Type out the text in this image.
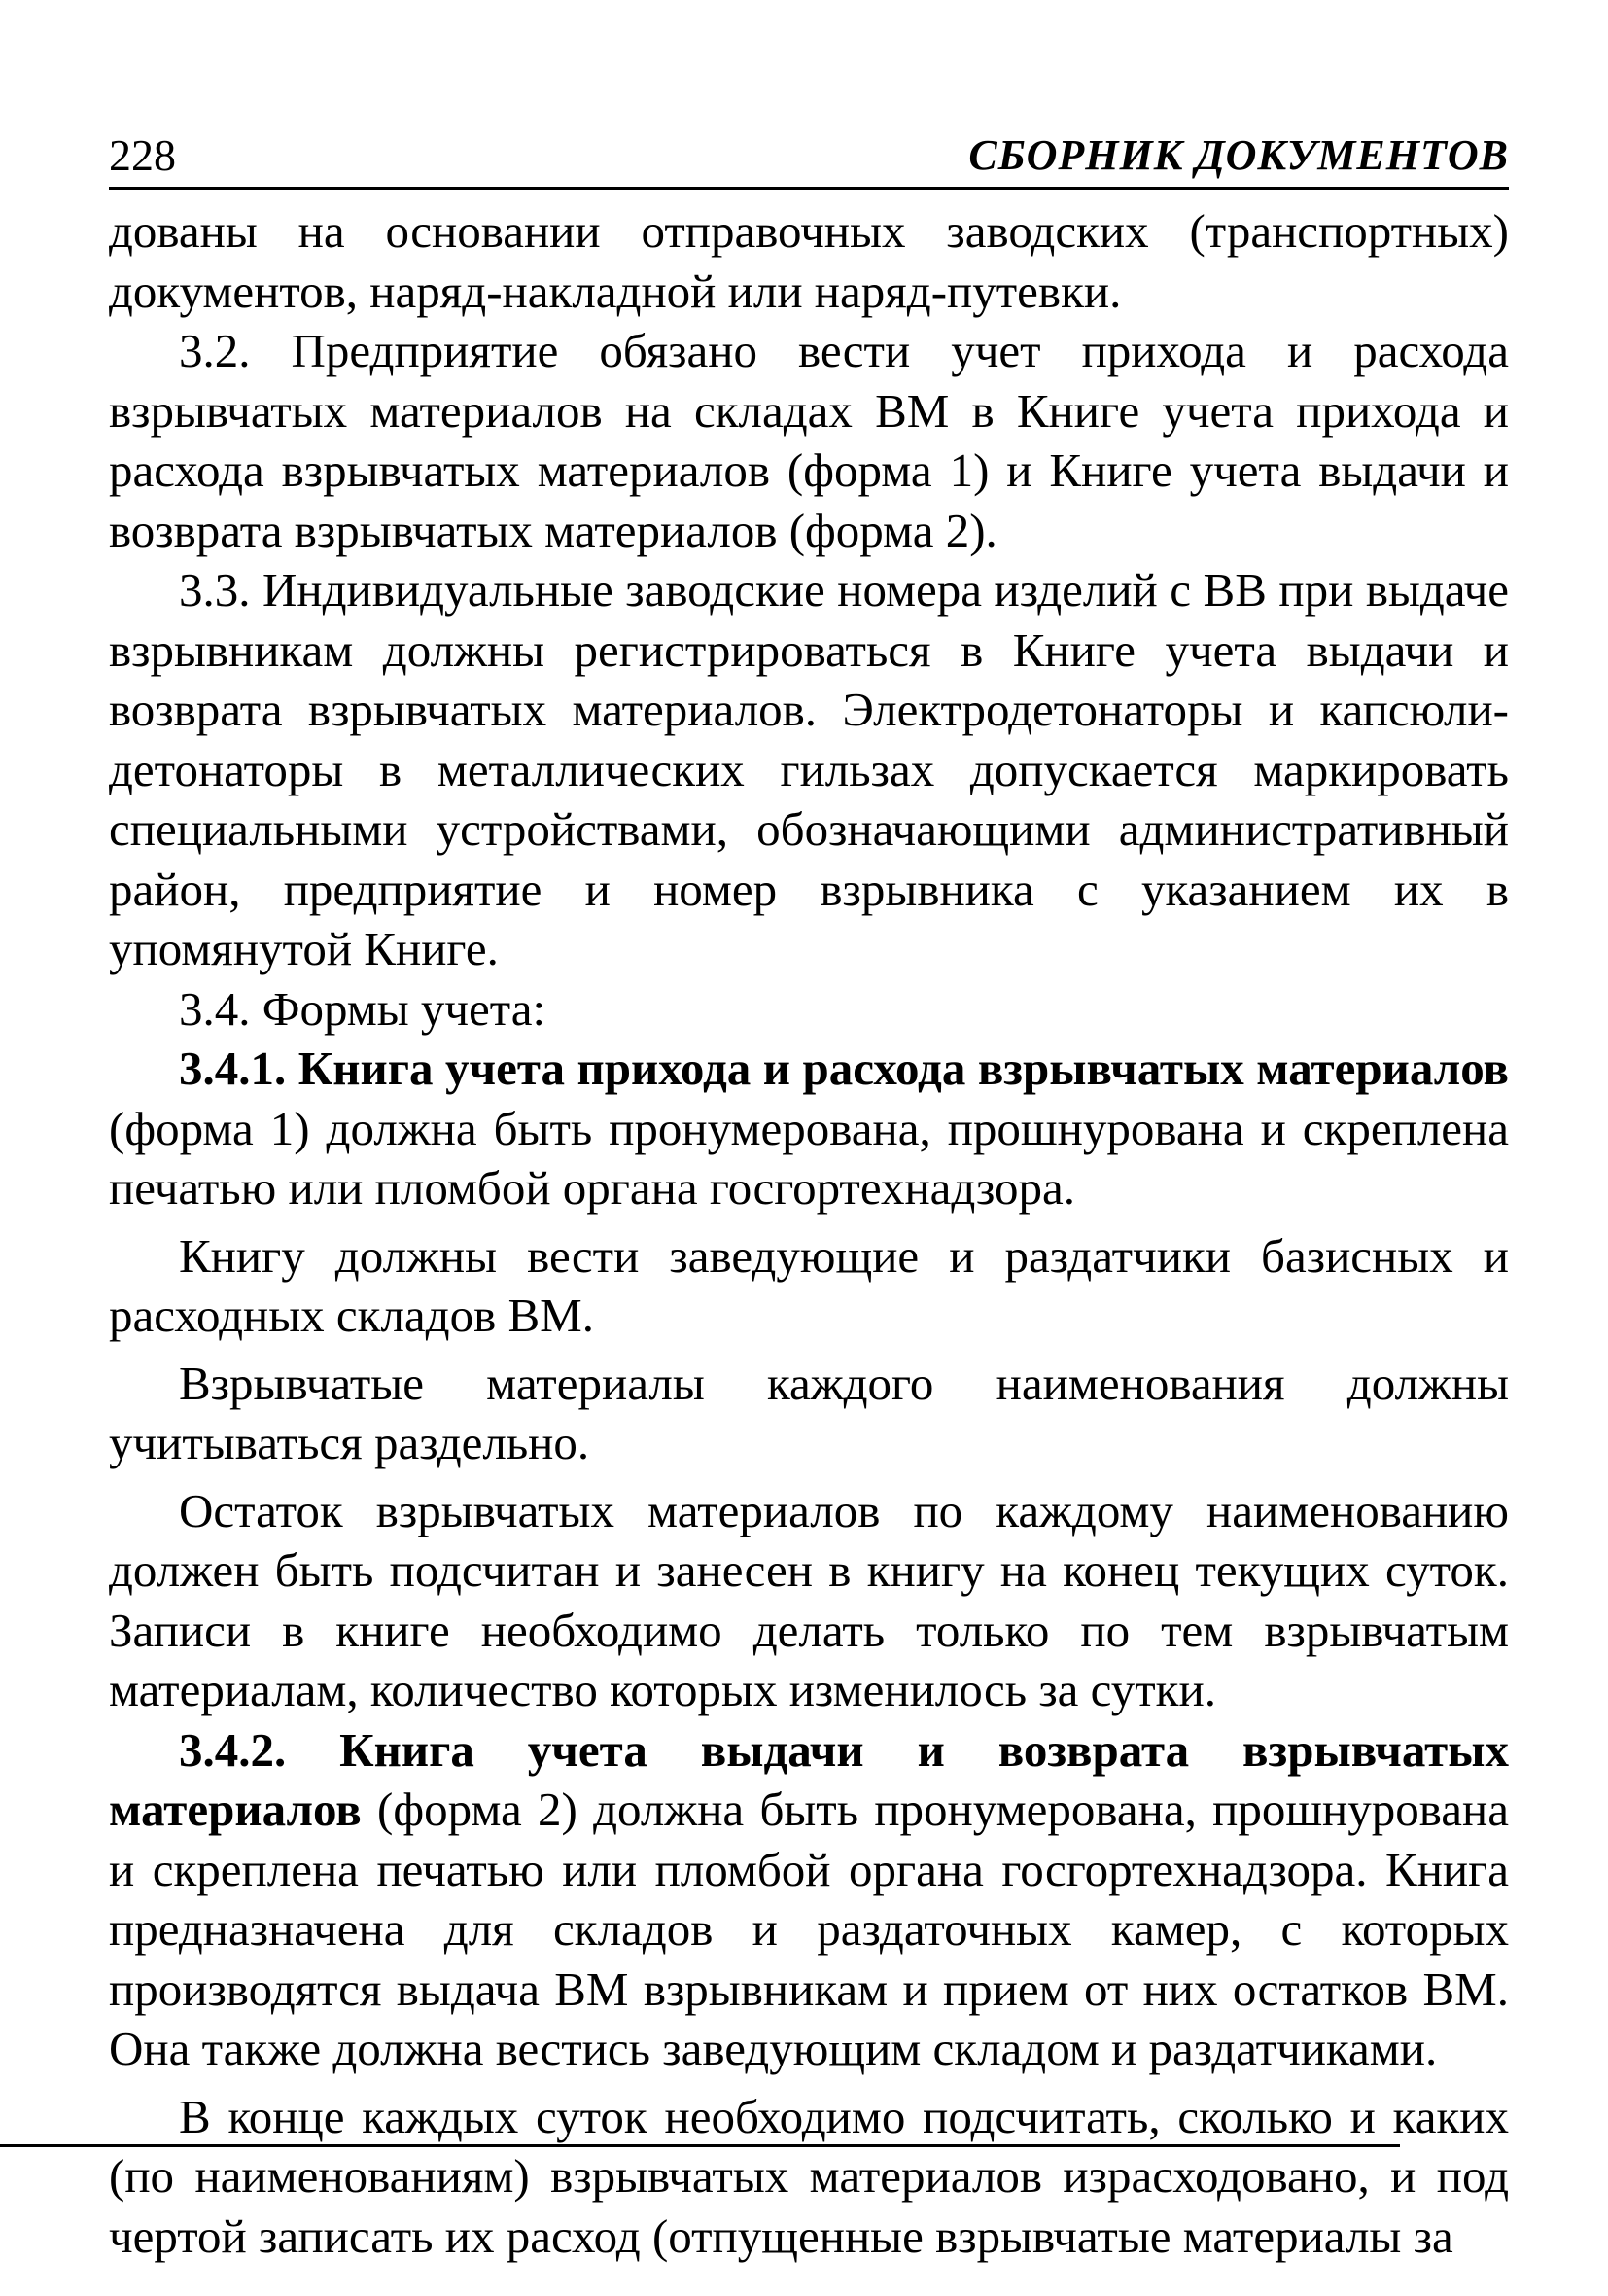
228	СБОРНИК ДОКУМЕНТОВ

дованы на основании отправочных заводских (транспортных) документов, наряд-накладной или наряд-путевки.

3.2. Предприятие обязано вести учет прихода и расхода взрывчатых материалов на складах ВМ в Книге учета прихода и расхода взрывчатых материалов (форма 1) и Книге учета выдачи и возврата взрывчатых материалов (форма 2).

3.3. Индивидуальные заводские номера изделий с ВВ при выдаче взрывникам должны регистрироваться в Книге учета выдачи и возврата взрывчатых материалов. Электродетонаторы и капсюли-детонаторы в металлических гильзах допускается маркировать специальными устройствами, обозначающими административный район, предприятие и номер взрывника с указанием их в упомянутой Книге.

3.4. Формы учета:

3.4.1. Книга учета прихода и расхода взрывчатых материалов (форма 1) должна быть пронумерована, прошнурована и скреплена печатью или пломбой органа госгортехнадзора.

Книгу должны вести заведующие и раздатчики базисных и расходных складов ВМ.

Взрывчатые материалы каждого наименования должны учитываться раздельно.

Остаток взрывчатых материалов по каждому наименованию должен быть подсчитан и занесен в книгу на конец текущих суток. Записи в книге необходимо делать только по тем взрывчатым материалам, количество которых изменилось за сутки.

3.4.2. Книга учета выдачи и возврата взрывчатых материалов (форма 2) должна быть пронумерована, прошнурована и скреплена печатью или пломбой органа госгортехнадзора. Книга предназначена для складов и раздаточных камер, с которых производятся выдача ВМ взрывникам и прием от них остатков ВМ. Она также должна вестись заведующим складом и раздатчиками.

В конце каждых суток необходимо подсчитать, сколько и каких (по наименованиям) взрывчатых материалов израсходовано, и под чертой записать их расход (отпущенные взрывчатые материалы за
